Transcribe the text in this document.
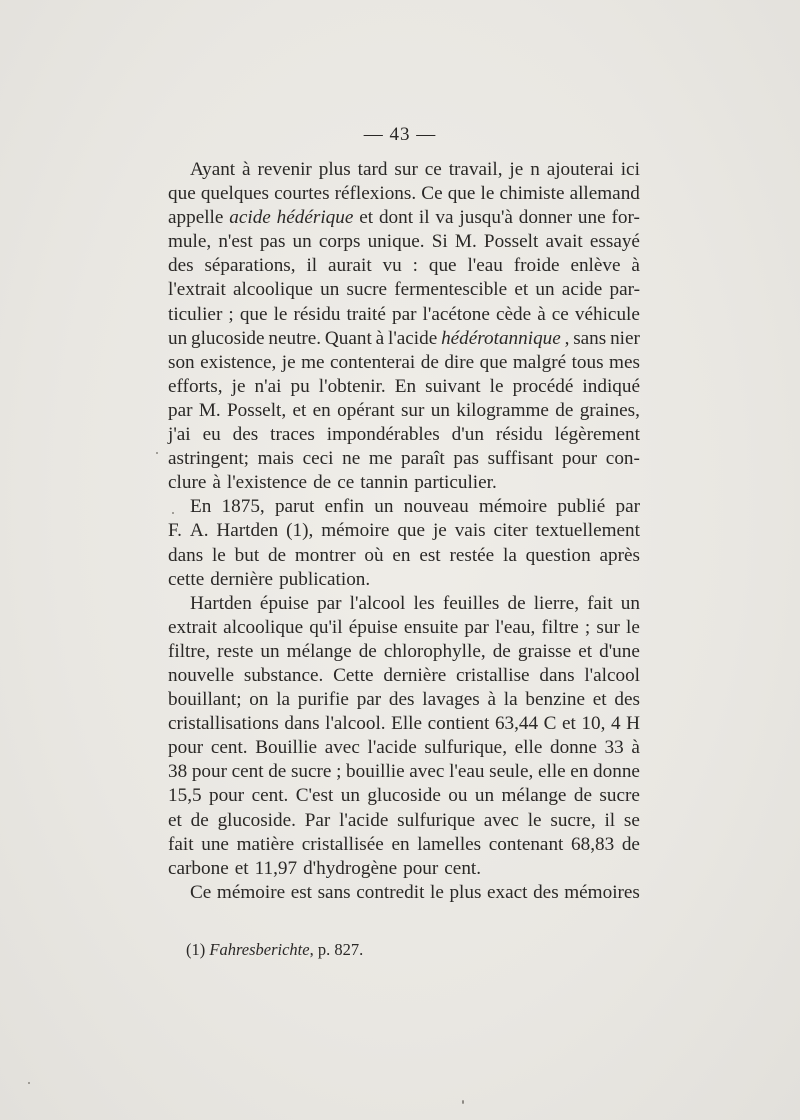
— 43 —
Ayant à revenir plus tard sur ce travail, je n ajouterai ici
que quelques courtes réflexions. Ce que le chimiste allemand
appelle acide hédérique et dont il va jusqu'à donner une for-
mule, n'est pas un corps unique. Si M. Posselt avait essayé
des séparations, il aurait vu : que l'eau froide enlève à
l'extrait alcoolique un sucre fermentescible et un acide par-
ticulier ; que le résidu traité par l'acétone cède à ce véhicule
un glucoside neutre. Quant à l'acide hédérotannique , sans nier
son existence, je me contenterai de dire que malgré tous mes
efforts, je n'ai pu l'obtenir. En suivant le procédé indiqué
par M. Posselt, et en opérant sur un kilogramme de graines,
j'ai eu des traces impondérables d'un résidu légèrement
astringent; mais ceci ne me paraît pas suffisant pour con-
clure à l'existence de ce tannin particulier.
En 1875, parut enfin un nouveau mémoire publié par
F. A. Hartden (1), mémoire que je vais citer textuellement
dans le but de montrer où en est restée la question après
cette dernière publication.
Hartden épuise par l'alcool les feuilles de lierre, fait un
extrait alcoolique qu'il épuise ensuite par l'eau, filtre ; sur le
filtre, reste un mélange de chlorophylle, de graisse et d'une
nouvelle substance. Cette dernière cristallise dans l'alcool
bouillant; on la purifie par des lavages à la benzine et des
cristallisations dans l'alcool. Elle contient 63,44 C et 10, 4 H
pour cent. Bouillie avec l'acide sulfurique, elle donne 33 à
38 pour cent de sucre ; bouillie avec l'eau seule, elle en donne
15,5 pour cent. C'est un glucoside ou un mélange de sucre
et de glucoside. Par l'acide sulfurique avec le sucre, il se
fait une matière cristallisée en lamelles contenant 68,83 de
carbone et 11,97 d'hydrogène pour cent.
Ce mémoire est sans contredit le plus exact des mémoires
(1) Fahresberichte, p. 827.
